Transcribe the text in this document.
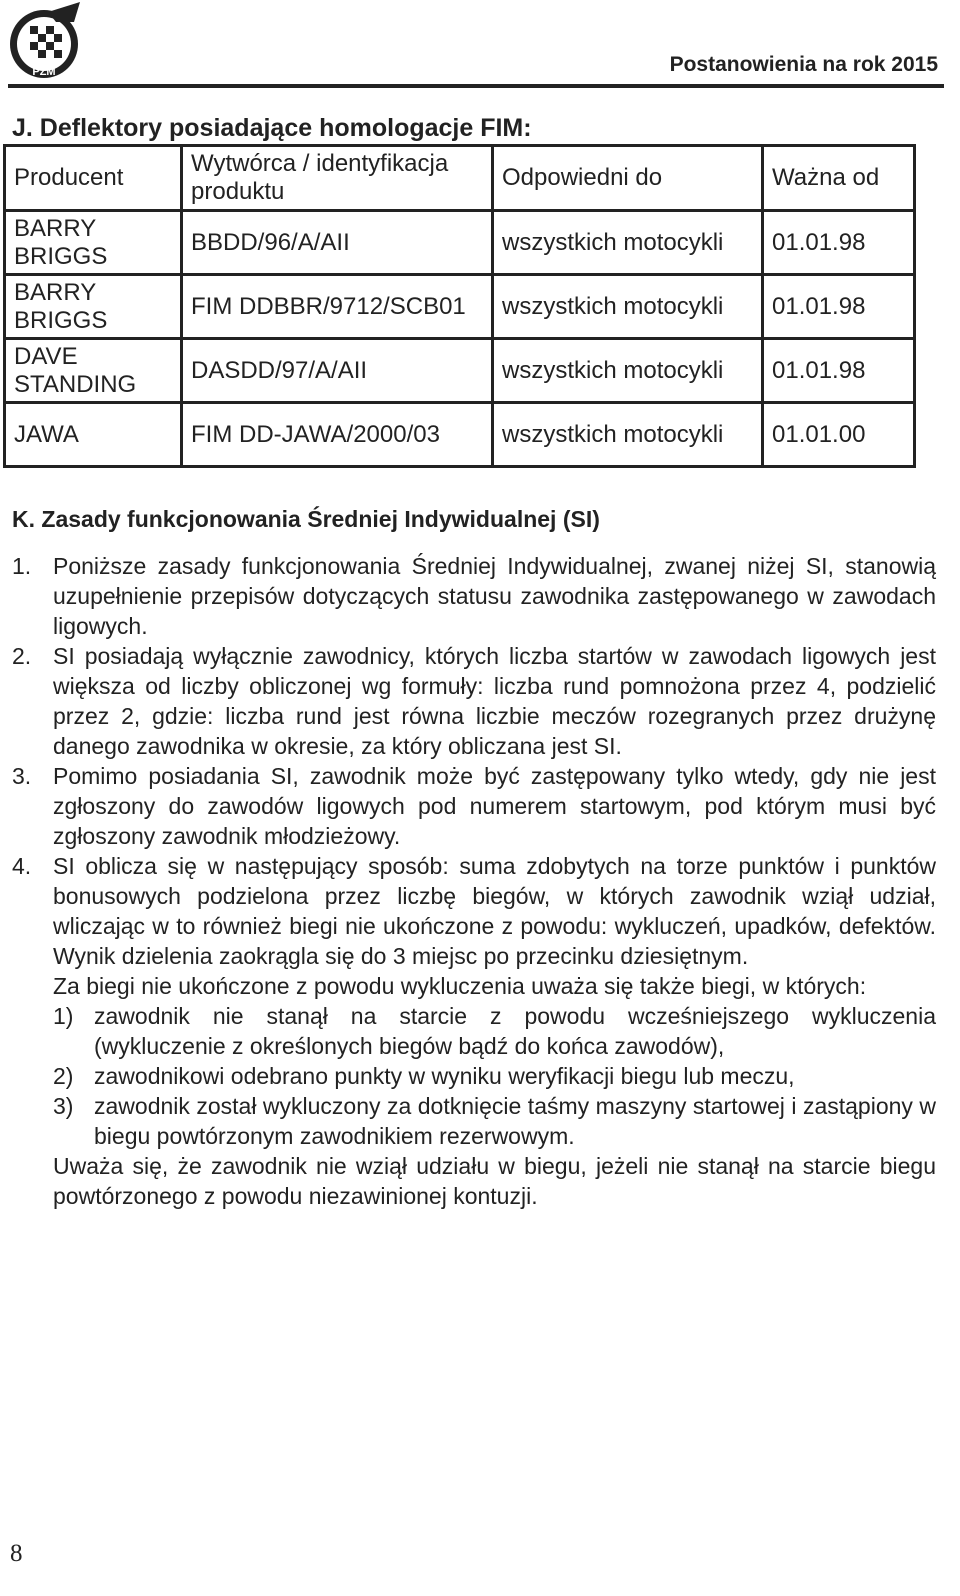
PZM	Postanowienia na rok 2015
J. Deflektory posiadające homologacje FIM:
Producent	Wytwórca / identyfikacja produktu	Odpowiedni do	Ważna od
BARRY BRIGGS	BBDD/96/A/AII	wszystkich motocykli	01.01.98
BARRY BRIGGS	FIM DDBBR/9712/SCB01	wszystkich motocykli	01.01.98
DAVE STANDING	DASDD/97/A/AII	wszystkich motocykli	01.01.98
JAWA	FIM DD-JAWA/2000/03	wszystkich motocykli	01.01.00
K. Zasady funkcjonowania Średniej Indywidualnej (SI)
1. Poniższe zasady funkcjonowania Średniej Indywidualnej, zwanej niżej SI, stanowią uzupełnienie przepisów dotyczących statusu zawodnika zastępowanego w zawodach ligowych.
2. SI posiadają wyłącznie zawodnicy, których liczba startów w zawodach ligowych jest większa od liczby obliczonej wg formuły: liczba rund pomnożona przez 4, podzielić przez 2, gdzie: liczba rund jest równa liczbie meczów rozegranych przez drużynę danego zawodnika w okresie, za który obliczana jest SI.
3. Pomimo posiadania SI, zawodnik może być zastępowany tylko wtedy, gdy nie jest zgłoszony do zawodów ligowych pod numerem startowym, pod którym musi być zgłoszony zawodnik młodzieżowy.
4. SI oblicza się w następujący sposób: suma zdobytych na torze punktów i punktów bonusowych podzielona przez liczbę biegów, w których zawodnik wziął udział, wliczając w to również biegi nie ukończone z powodu: wykluczeń, upadków, defektów. Wynik dzielenia zaokrągla się do 3 miejsc po przecinku dziesiętnym.
Za biegi nie ukończone z powodu wykluczenia uważa się także biegi, w których:
1) zawodnik nie stanął na starcie z powodu wcześniejszego wykluczenia (wykluczenie z określonych biegów bądź do końca zawodów),
2) zawodnikowi odebrano punkty w wyniku weryfikacji biegu lub meczu,
3) zawodnik został wykluczony za dotknięcie taśmy maszyny startowej i zastąpiony w biegu powtórzonym zawodnikiem rezerwowym.
Uważa się, że zawodnik nie wziął udziału w biegu, jeżeli nie stanął na starcie biegu powtórzonego z powodu niezawinionej kontuzji.
8
